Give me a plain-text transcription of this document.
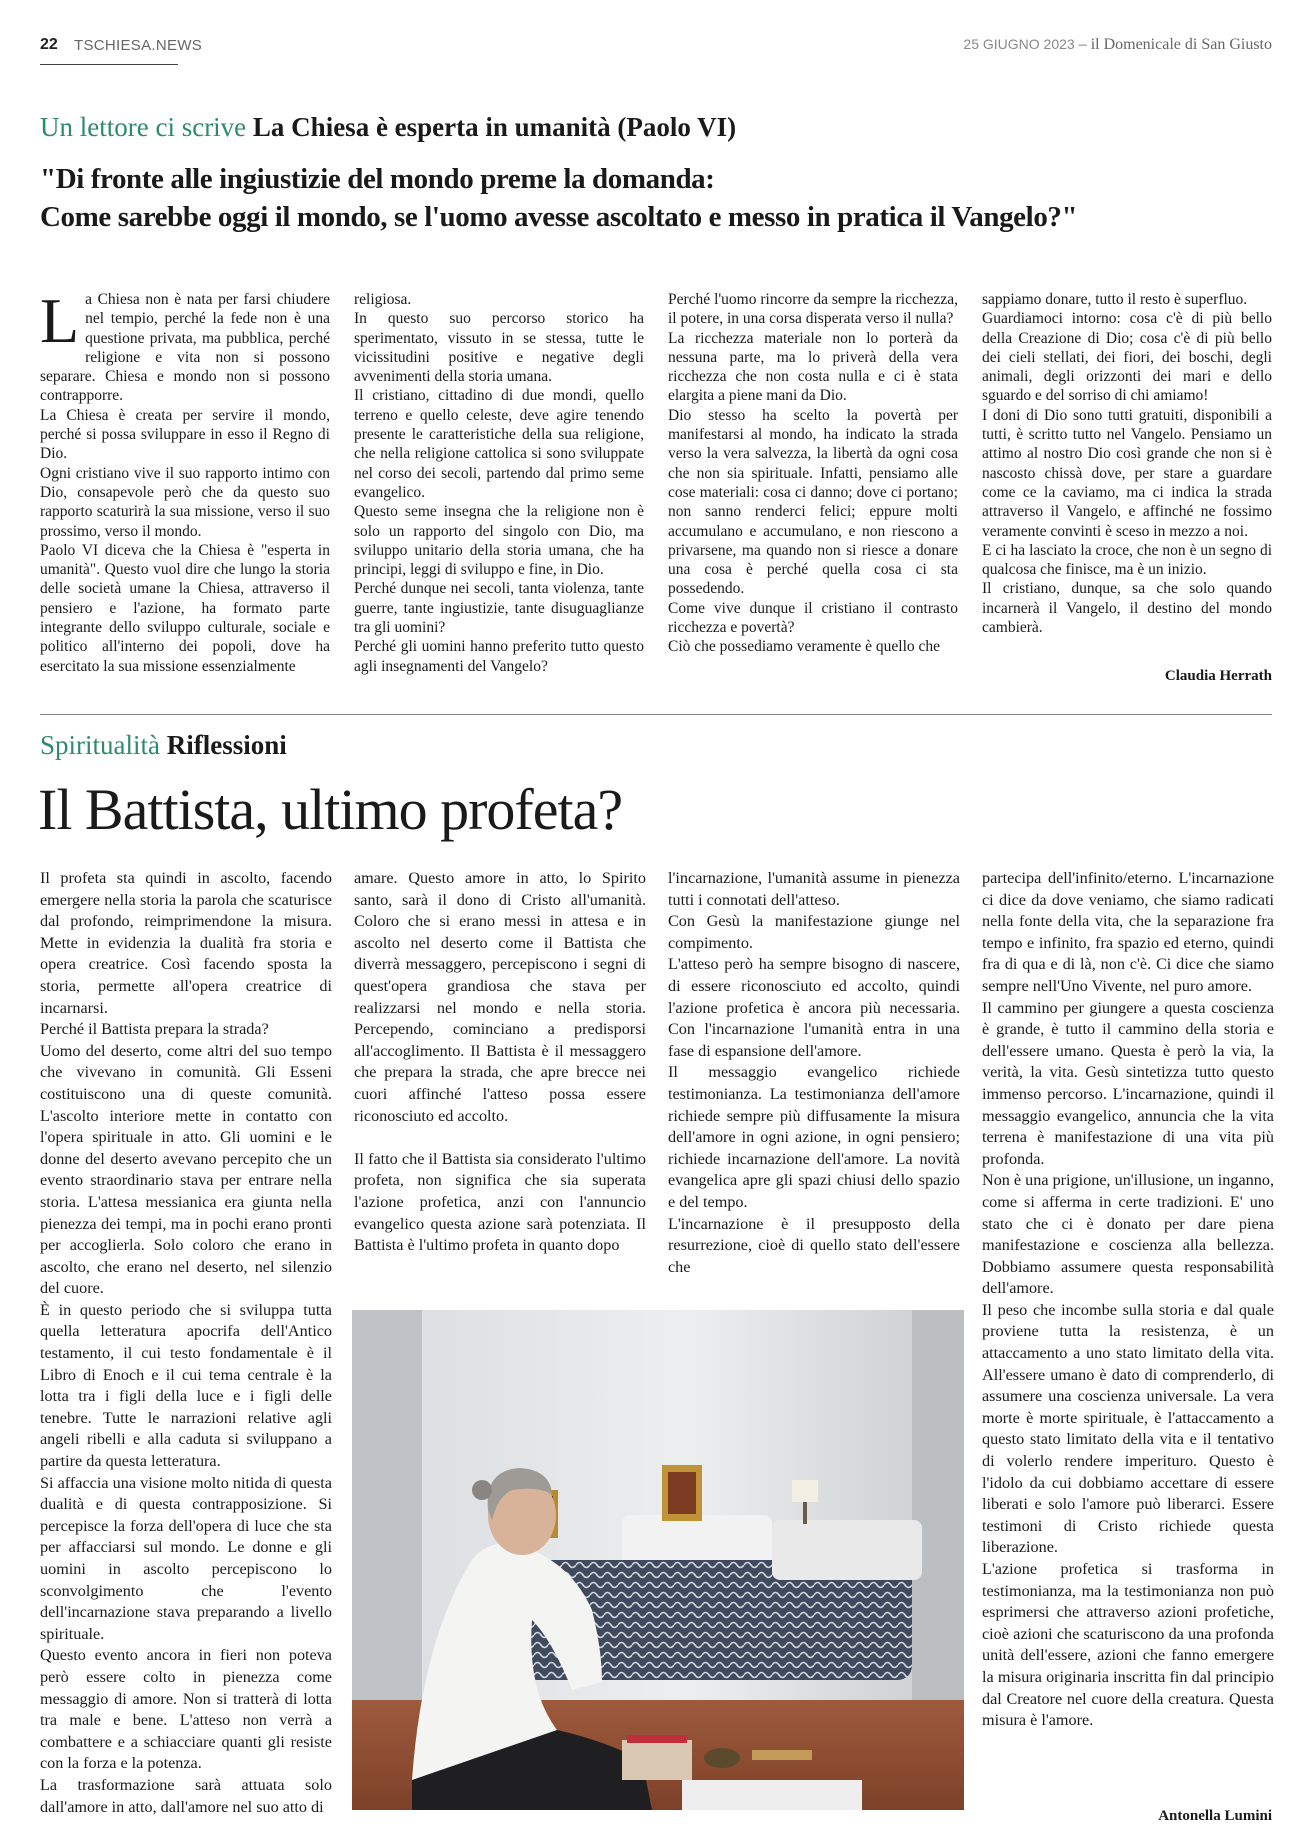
22 TSCHIESA.NEWS	25 GIUGNO 2023 – il Domenicale di San Giusto
Un lettore ci scrive La Chiesa è esperta in umanità (Paolo VI)
"Di fronte alle ingiustizie del mondo preme la domanda:
Come sarebbe oggi il mondo, se l'uomo avesse ascoltato e messo in pratica il Vangelo?"
L a Chiesa non è nata per farsi chiudere nel tempio, perché la fede non è una questione privata, ma pubblica, perché religione e vita non si possono separare. Chiesa e mondo non si possono contrapporre.

La Chiesa è creata per servire il mondo, perché si possa sviluppare in esso il Regno di Dio.

Ogni cristiano vive il suo rapporto intimo con Dio, consapevole però che da questo suo rapporto scaturirà la sua missione, verso il suo prossimo, verso il mondo.

Paolo VI diceva che la Chiesa è "esperta in umanità". Questo vuol dire che lungo la storia delle società umane la Chiesa, attraverso il pensiero e l'azione, ha formato parte integrante dello sviluppo culturale, sociale e politico all'interno dei popoli, dove ha esercitato la sua missione essenzialmente

religiosa.

In questo suo percorso storico ha sperimentato, vissuto in se stessa, tutte le vicissitudini positive e negative degli avvenimenti della storia umana.

Il cristiano, cittadino di due mondi, quello terreno e quello celeste, deve agire tenendo presente le caratteristiche della sua religione, che nella religione cattolica si sono sviluppate nel corso dei secoli, partendo dal primo seme evangelico.

Questo seme insegna che la religione non è solo un rapporto del singolo con Dio, ma sviluppo unitario della storia umana, che ha principi, leggi di sviluppo e fine, in Dio.

Perché dunque nei secoli, tanta violenza, tante guerre, tante ingiustizie, tante disuguaglianze tra gli uomini?

Perché gli uomini hanno preferito tutto questo agli insegnamenti del Vangelo?

Perché l'uomo rincorre da sempre la ricchezza, il potere, in una corsa disperata verso il nulla?

La ricchezza materiale non lo porterà da nessuna parte, ma lo priverà della vera ricchezza che non costa nulla e ci è stata elargita a piene mani da Dio.

Dio stesso ha scelto la povertà per manifestarsi al mondo, ha indicato la strada verso la vera salvezza, la libertà da ogni cosa che non sia spirituale. Infatti, pensiamo alle cose materiali: cosa ci danno; dove ci portano; non sanno renderci felici; eppure molti accumulano e accumulano, e non riescono a privarsene, ma quando non si riesce a donare una cosa è perché quella cosa ci sta possedendo.

Come vive dunque il cristiano il contrasto ricchezza e povertà?

Ciò che possediamo veramente è quello che

sappiamo donare, tutto il resto è superfluo.

Guardiamoci intorno: cosa c'è di più bello della Creazione di Dio; cosa c'è di più bello dei cieli stellati, dei fiori, dei boschi, degli animali, degli orizzonti dei mari e dello sguardo e del sorriso di chi amiamo!

I doni di Dio sono tutti gratuiti, disponibili a tutti, è scritto tutto nel Vangelo. Pensiamo un attimo al nostro Dio così grande che non si è nascosto chissà dove, per stare a guardare come ce la caviamo, ma ci indica la strada attraverso il Vangelo, e affinché ne fossimo veramente convinti è sceso in mezzo a noi.

E ci ha lasciato la croce, che non è un segno di qualcosa che finisce, ma è un inizio.

Il cristiano, dunque, sa che solo quando incarnerà il Vangelo, il destino del mondo cambierà.

Claudia Herrath
Spiritualità Riflessioni
Il Battista, ultimo profeta?

Il profeta sta quindi in ascolto, facendo emergere nella storia la parola che scaturisce dal profondo, reimprimendone la misura. Mette in evidenzia la dualità fra storia e opera creatrice. Così facendo sposta la storia, permette all'opera creatrice di incarnarsi.

Perché il Battista prepara la strada?

Uomo del deserto, come altri del suo tempo che vivevano in comunità. Gli Esseni costituiscono una di queste comunità. L'ascolto interiore mette in contatto con l'opera spirituale in atto. Gli uomini e le donne del deserto avevano percepito che un evento straordinario stava per entrare nella storia. L'attesa messianica era giunta nella pienezza dei tempi, ma in pochi erano pronti per accoglierla. Solo coloro che erano in ascolto, che erano nel deserto, nel silenzio del cuore.

È in questo periodo che si sviluppa tutta quella letteratura apocrifa dell'Antico testamento, il cui testo fondamentale è il Libro di Enoch e il cui tema centrale è la lotta tra i figli della luce e i figli delle tenebre. Tutte le narrazioni relative agli angeli ribelli e alla caduta si sviluppano a partire da questa letteratura.

Si affaccia una visione molto nitida di questa dualità e di questa contrapposizione. Si percepisce la forza dell'opera di luce che sta per affacciarsi sul mondo. Le donne e gli uomini in ascolto percepiscono lo sconvolgimento che l'evento dell'incarnazione stava preparando a livello spirituale.

Questo evento ancora in fieri non poteva però essere colto in pienezza come messaggio di amore. Non si tratterà di lotta tra male e bene. L'atteso non verrà a combattere e a schiacciare quanti gli resiste con la forza e la potenza.

La trasformazione sarà attuata solo dall'amore in atto, dall'amore nel suo atto di

amare. Questo amore in atto, lo Spirito santo, sarà il dono di Cristo all'umanità. Coloro che si erano messi in attesa e in ascolto nel deserto come il Battista che diverrà messaggero, percepiscono i segni di quest'opera grandiosa che stava per realizzarsi nel mondo e nella storia. Percependo, cominciano a predisporsi all'accoglimento. Il Battista è il messaggero che prepara la strada, che apre brecce nei cuori affinché l'atteso possa essere riconosciuto ed accolto.

Il fatto che il Battista sia considerato l'ultimo profeta, non significa che sia superata l'azione profetica, anzi con l'annuncio evangelico questa azione sarà potenziata. Il Battista è l'ultimo profeta in quanto dopo

l'incarnazione, l'umanità assume in pienezza tutti i connotati dell'atteso.

Con Gesù la manifestazione giunge nel compimento.

L'atteso però ha sempre bisogno di nascere, di essere riconosciuto ed accolto, quindi l'azione profetica è ancora più necessaria. Con l'incarnazione l'umanità entra in una fase di espansione dell'amore.

Il messaggio evangelico richiede testimonianza. La testimonianza dell'amore richiede sempre più diffusamente la misura dell'amore in ogni azione, in ogni pensiero; richiede incarnazione dell'amore. La novità evangelica apre gli spazi chiusi dello spazio e del tempo.

L'incarnazione è il presupposto della resurrezione, cioè di quello stato dell'essere che

partecipa dell'infinito/eterno. L'incarnazione ci dice da dove veniamo, che siamo radicati nella fonte della vita, che la separazione fra tempo e infinito, fra spazio ed eterno, quindi fra di qua e di là, non c'è. Ci dice che siamo sempre nell'Uno Vivente, nel puro amore.

Il cammino per giungere a questa coscienza è grande, è tutto il cammino della storia e dell'essere umano. Questa è però la via, la verità, la vita. Gesù sintetizza tutto questo immenso percorso. L'incarnazione, quindi il messaggio evangelico, annuncia che la vita terrena è manifestazione di una vita più profonda.

Non è una prigione, un'illusione, un inganno, come si afferma in certe tradizioni. E' uno stato che ci è donato per dare piena manifestazione e coscienza alla bellezza. Dobbiamo assumere questa responsabilità dell'amore.

Il peso che incombe sulla storia e dal quale proviene tutta la resistenza, è un attaccamento a uno stato limitato della vita. All'essere umano è dato di comprenderlo, di assumere una coscienza universale. La vera morte è morte spirituale, è l'attaccamento a questo stato limitato della vita e il tentativo di volerlo rendere imperituro. Questo è l'idolo da cui dobbiamo accettare di essere liberati e solo l'amore può liberarci. Essere testimoni di Cristo richiede questa liberazione.

L'azione profetica si trasforma in testimonianza, ma la testimonianza non può esprimersi che attraverso azioni profetiche, cioè azioni che scaturiscono da una profonda unità dell'essere, azioni che fanno emergere la misura originaria inscritta fin dal principio dal Creatore nel cuore della creatura. Questa misura è l'amore.

Antonella Lumini
